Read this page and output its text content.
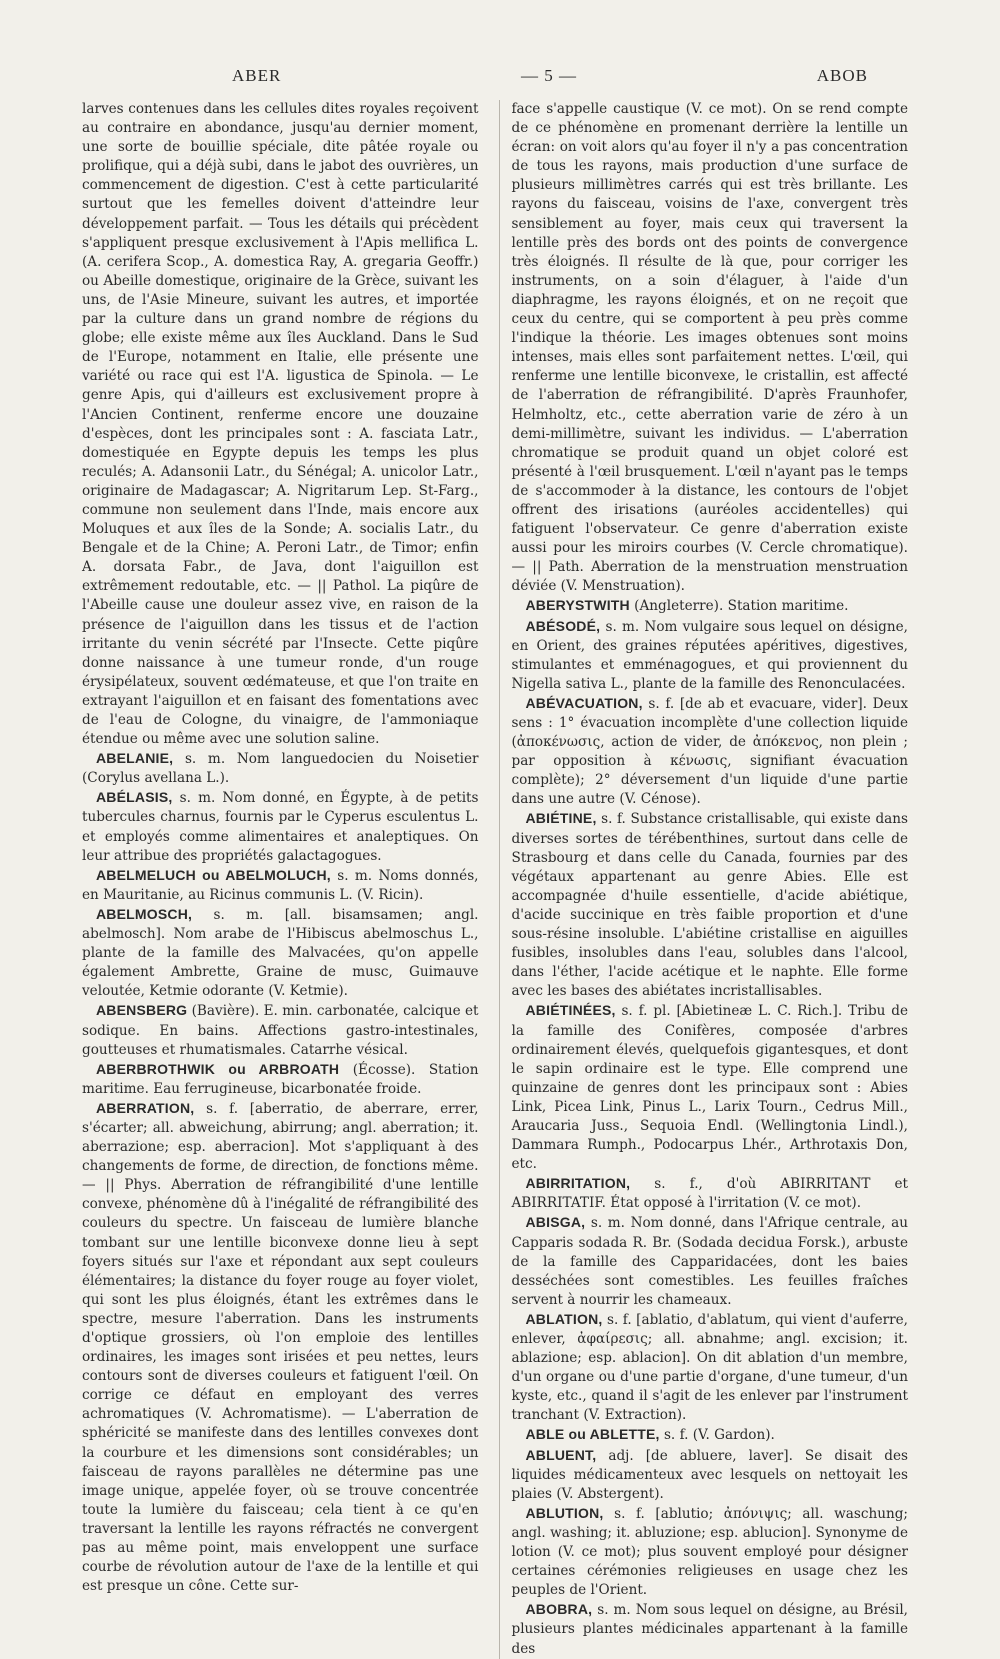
ABER	— 5 —	ABOB

larves contenues dans les cellules dites royales reçoivent au contraire en abondance, jusqu'au dernier moment, une sorte de bouillie spéciale, dite pâtée royale ou prolifique, qui a déjà subi, dans le jabot des ouvrières, un commencement de digestion. C'est à cette particularité surtout que les femelles doivent d'atteindre leur développement parfait. — Tous les détails qui précèdent s'appliquent presque exclusivement à l'Apis mellifica L. (A. cerifera Scop., A. domestica Ray, A. gregaria Geoffr.) ou Abeille domestique, originaire de la Grèce, suivant les uns, de l'Asie Mineure, suivant les autres, et importée par la culture dans un grand nombre de régions du globe; elle existe même aux îles Auckland. Dans le Sud de l'Europe, notamment en Italie, elle présente une variété ou race qui est l'A. ligustica de Spinola. — Le genre Apis, qui d'ailleurs est exclusivement propre à l'Ancien Continent, renferme encore une douzaine d'espèces, dont les principales sont : A. fasciata Latr., domestiquée en Egypte depuis les temps les plus reculés; A. Adansonii Latr., du Sénégal; A. unicolor Latr., originaire de Madagascar; A. Nigritarum Lep. St-Farg., commune non seulement dans l'Inde, mais encore aux Moluques et aux îles de la Sonde; A. socialis Latr., du Bengale et de la Chine; A. Peroni Latr., de Timor; enfin A. dorsata Fabr., de Java, dont l'aiguillon est extrêmement redoutable, etc. — || Pathol. La piqûre de l'Abeille cause une douleur assez vive, en raison de la présence de l'aiguillon dans les tissus et de l'action irritante du venin sécrété par l'Insecte. Cette piqûre donne naissance à une tumeur ronde, d'un rouge érysipélateux, souvent œdémateuse, et que l'on traite en extrayant l'aiguillon et en faisant des fomentations avec de l'eau de Cologne, du vinaigre, de l'ammoniaque étendue ou même avec une solution saline.

ABELANIE, s. m. Nom languedocien du Noisetier (Corylus avellana L.).

ABÉLASIS, s. m. Nom donné, en Égypte, à de petits tubercules charnus, fournis par le Cyperus esculentus L. et employés comme alimentaires et analeptiques. On leur attribue des propriétés galactagogues.

ABELMELUCH ou ABELMOLUCH, s. m. Noms donnés, en Mauritanie, au Ricinus communis L. (V. Ricin).

ABELMOSCH, s. m. [all. bisamsamen; angl. abelmosch]. Nom arabe de l'Hibiscus abelmoschus L., plante de la famille des Malvacées, qu'on appelle également Ambrette, Graine de musc, Guimauve veloutée, Ketmie odorante (V. Ketmie).

ABENSBERG (Bavière). E. min. carbonatée, calcique et sodique. En bains. Affections gastro-intestinales, goutteuses et rhumatismales. Catarrhe vésical.

ABERBROTHWIK ou ARBROATH (Écosse). Station maritime. Eau ferrugineuse, bicarbonatée froide.

ABERRATION, s. f. [aberratio, de aberrare, errer, s'écarter; all. abweichung, abirrung; angl. aberration; it. aberrazione; esp. aberracion]. Mot s'appliquant à des changements de forme, de direction, de fonctions même. — || Phys. Aberration de réfrangibilité d'une lentille convexe, phénomène dû à l'inégalité de réfrangibilité des couleurs du spectre. Un faisceau de lumière blanche tombant sur une lentille biconvexe donne lieu à sept foyers situés sur l'axe et répondant aux sept couleurs élémentaires; la distance du foyer rouge au foyer violet, qui sont les plus éloignés, étant les extrêmes dans le spectre, mesure l'aberration. Dans les instruments d'optique grossiers, où l'on emploie des lentilles ordinaires, les images sont irisées et peu nettes, leurs contours sont de diverses couleurs et fatiguent l'œil. On corrige ce défaut en employant des verres achromatiques (V. Achromatisme). — L'aberration de sphéricité se manifeste dans des lentilles convexes dont la courbure et les dimensions sont considérables; un faisceau de rayons parallèles ne détermine pas une image unique, appelée foyer, où se trouve concentrée toute la lumière du faisceau; cela tient à ce qu'en traversant la lentille les rayons réfractés ne convergent pas au même point, mais enveloppent une surface courbe de révolution autour de l'axe de la lentille et qui est presque un cône. Cette sur-

face s'appelle caustique (V. ce mot). On se rend compte de ce phénomène en promenant derrière la lentille un écran: on voit alors qu'au foyer il n'y a pas concentration de tous les rayons, mais production d'une surface de plusieurs millimètres carrés qui est très brillante. Les rayons du faisceau, voisins de l'axe, convergent très sensiblement au foyer, mais ceux qui traversent la lentille près des bords ont des points de convergence très éloignés. Il résulte de là que, pour corriger les instruments, on a soin d'élaguer, à l'aide d'un diaphragme, les rayons éloignés, et on ne reçoit que ceux du centre, qui se comportent à peu près comme l'indique la théorie. Les images obtenues sont moins intenses, mais elles sont parfaitement nettes. L'œil, qui renferme une lentille biconvexe, le cristallin, est affecté de l'aberration de réfrangibilité. D'après Fraunhofer, Helmholtz, etc., cette aberration varie de zéro à un demi-millimètre, suivant les individus. — L'aberration chromatique se produit quand un objet coloré est présenté à l'œil brusquement. L'œil n'ayant pas le temps de s'accommoder à la distance, les contours de l'objet offrent des irisations (auréoles accidentelles) qui fatiguent l'observateur. Ce genre d'aberration existe aussi pour les miroirs courbes (V. Cercle chromatique). — || Path. Aberration de la menstruation menstruation déviée (V. Menstruation).

ABERYSTWITH (Angleterre). Station maritime.

ABÉSODÉ, s. m. Nom vulgaire sous lequel on désigne, en Orient, des graines réputées apéritives, digestives, stimulantes et emménagogues, et qui proviennent du Nigella sativa L., plante de la famille des Renonculacées.

ABÉVACUATION, s. f. [de ab et evacuare, vider]. Deux sens : 1° évacuation incomplète d'une collection liquide (ἀποκένωσις, action de vider, de ἀπόκενος, non plein ; par opposition à κένωσις, signifiant évacuation complète); 2° déversement d'un liquide d'une partie dans une autre (V. Cénose).

ABIÉTINE, s. f. Substance cristallisable, qui existe dans diverses sortes de térébenthines, surtout dans celle de Strasbourg et dans celle du Canada, fournies par des végétaux appartenant au genre Abies. Elle est accompagnée d'huile essentielle, d'acide abiétique, d'acide succinique en très faible proportion et d'une sous-résine insoluble. L'abiétine cristallise en aiguilles fusibles, insolubles dans l'eau, solubles dans l'alcool, dans l'éther, l'acide acétique et le naphte. Elle forme avec les bases des abiétates incristallisables.

ABIÉTINÉES, s. f. pl. [Abietineæ L. C. Rich.]. Tribu de la famille des Conifères, composée d'arbres ordinairement élevés, quelquefois gigantesques, et dont le sapin ordinaire est le type. Elle comprend une quinzaine de genres dont les principaux sont : Abies Link, Picea Link, Pinus L., Larix Tourn., Cedrus Mill., Araucaria Juss., Sequoia Endl. (Wellingtonia Lindl.), Dammara Rumph., Podocarpus Lhér., Arthrotaxis Don, etc.

ABIRRITATION, s. f., d'où ABIRRITANT et ABIRRITATIF. État opposé à l'irritation (V. ce mot).

ABISGA, s. m. Nom donné, dans l'Afrique centrale, au Capparis sodada R. Br. (Sodada decidua Forsk.), arbuste de la famille des Capparidacées, dont les baies desséchées sont comestibles. Les feuilles fraîches servent à nourrir les chameaux.

ABLATION, s. f. [ablatio, d'ablatum, qui vient d'auferre, enlever, ἀφαίρεσις; all. abnahme; angl. excision; it. ablazione; esp. ablacion]. On dit ablation d'un membre, d'un organe ou d'une partie d'organe, d'une tumeur, d'un kyste, etc., quand il s'agit de les enlever par l'instrument tranchant (V. Extraction).

ABLE ou ABLETTE, s. f. (V. Gardon).

ABLUENT, adj. [de abluere, laver]. Se disait des liquides médicamenteux avec lesquels on nettoyait les plaies (V. Abstergent).

ABLUTION, s. f. [ablutio; ἀπόνιψις; all. waschung; angl. washing; it. abluzione; esp. ablucion]. Synonyme de lotion (V. ce mot); plus souvent employé pour désigner certaines cérémonies religieuses en usage chez les peuples de l'Orient.

ABOBRA, s. m. Nom sous lequel on désigne, au Brésil, plusieurs plantes médicinales appartenant à la famille des
